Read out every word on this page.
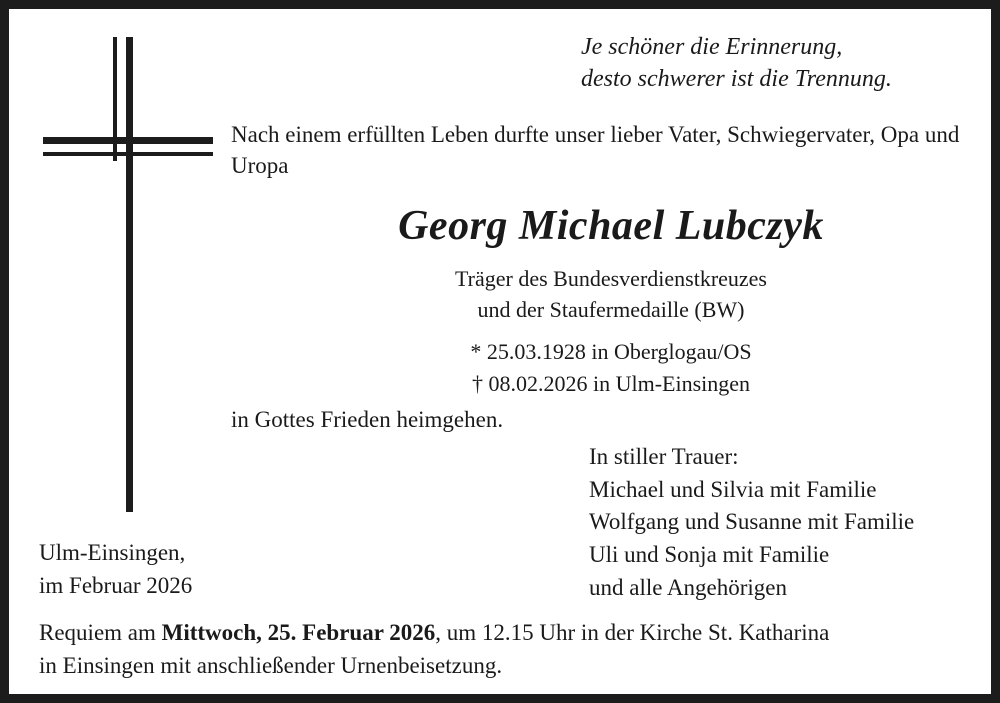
Je schöner die Erinnerung,
desto schwerer ist die Trennung.
Nach einem erfüllten Leben durfte unser lieber Vater, Schwiegervater, Opa und Uropa
Georg Michael Lubczyk
Träger des Bundesverdienstkreuzes
und der Staufermedaille (BW)
* 25.03.1928 in Oberglogau/OS
† 08.02.2026 in Ulm-Einsingen
in Gottes Frieden heimgehen.
In stiller Trauer:
Michael und Silvia mit Familie
Wolfgang und Susanne mit Familie
Uli und Sonja mit Familie
und alle Angehörigen
Ulm-Einsingen,
im Februar 2026
Requiem am Mittwoch, 25. Februar 2026, um 12.15 Uhr in der Kirche St. Katharina
in Einsingen mit anschließender Urnenbeisetzung.
